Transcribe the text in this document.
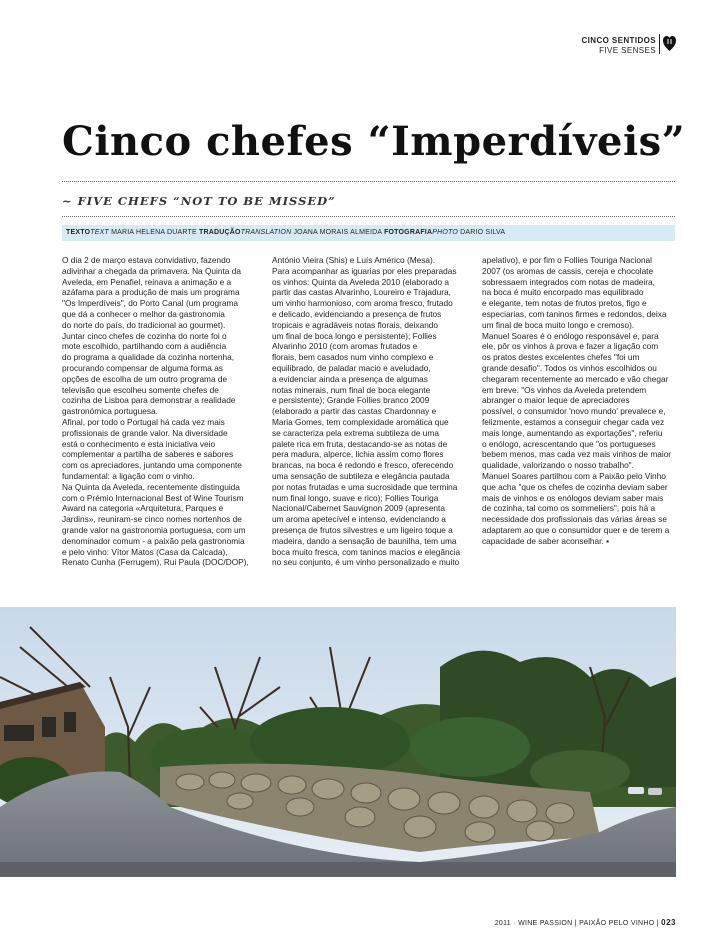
CINCO SENTIDOS
FIVE SENSES
Cinco chefes “Imperdíveis”
~ FIVE CHEFS “NOT TO BE MISSED”
TEXTOTEXT MARIA HELENA DUARTE TRADUÇÃOTRANSLATION JOANA MORAIS ALMEIDA FOTOGRAFIAPHOTO DARIO SILVA

O dia 2 de março estava convidativo, fazendo

adivinhar a chegada da primavera. Na Quinta da

Aveleda, em Penafiel, reinava a animação e a

azáfama para a produção de mais um programa

"Os Imperdíveis", do Porto Canal (um programa

que dá a conhecer o melhor da gastronomia

do norte do país, do tradicional ao gourmet).

Juntar cinco chefes de cozinha do norte foi o

mote escolhido, partilhando com a audiência

do programa a qualidade da cozinha nortenha,

procurando compensar de alguma forma as

opções de escolha de um outro programa de

televisão que escolheu somente chefes de

cozinha de Lisboa para demonstrar a realidade

gastronómica portuguesa.

Afinal, por todo o Portugal há cada vez mais

profissionais de grande valor. Na diversidade

está o conhecimento e esta iniciativa veio

complementar a partilha de saberes e sabores

com os apreciadores, juntando uma componente

fundamental: a ligação com o vinho.

Na Quinta da Aveleda, recentemente distinguida

com o Prémio Internacional Best of Wine Tourism

Award na categoria «Arquitetura, Parques e

Jardins», reuniram-se cinco nomes nortenhos de

grande valor na gastronomia portuguesa, com um

denominador comum - a paixão pela gastronomia

e pelo vinho: Vítor Matos (Casa da Calcada),

Renato Cunha (Ferrugem), Rui Paula (DOC/DOP),

António Vieira (Shis) e Luís Américo (Mesa).

Para acompanhar as iguarias por eles preparadas

os vinhos: Quinta da Aveleda 2010 (elaborado a

partir das castas Alvarinho, Loureiro e Trajadura,

um vinho harmonioso, com aroma fresco, frutado

e delicado, evidenciando a presença de frutos

tropicais e agradáveis notas florais, deixando

um final de boca longo e persistente); Follies

Alvarinho 2010 (com aromas frutados e

florais, bem casados num vinho complexo e

equilibrado, de paladar macio e aveludado,

a evidenciar ainda a presença de algumas

notas minerais, num final de boca elegante

e persistente); Grande Follies branco 2009

(elaborado a partir das castas Chardonnay e

Maria Gomes, tem complexidade aromática que

se caracteriza pela extrema subtileza de uma

palete rica em fruta, destacando-se as notas de

pera madura, alperce, lichia assim como flores

brancas, na boca é redondo e fresco, oferecendo

uma sensação de subtileza e elegância pautada

por notas frutadas e uma sucrosidade que termina

num final longo, suave e rico); Follies Touriga

Nacional/Cabernet Sauvignon 2009 (apresenta

um aroma apetecível e intenso, evidenciando a

presença de frutos silvestres e um ligeiro toque a

madeira, dando a sensação de baunilha, tem uma

boca muito fresca, com taninos macios e elegância

no seu conjunto, é um vinho personalizado e muito

apelativo), e por fim o Follies Touriga Nacional

2007 (os aromas de cassis, cereja e chocolate

sobressaem integrados com notas de madeira,

na boca é muito encorpado mas equilibrado

e elegante, tem notas de frutos pretos, figo e

especiarias, com taninos firmes e redondos, deixa

um final de boca muito longo e cremoso).

Manuel Soares é o enólogo responsável e, para

ele, pôr os vinhos à prova e fazer a ligação com

os pratos destes excelentes chefes "foi um

grande desafio". Todos os vinhos escolhidos ou

chegaram recentemente ao mercado e vão chegar

em breve. "Os vinhos da Aveleda pretendem

abranger o maior leque de apreciadores

possível, o consumidor 'novo mundo' prevalece e,

felizmente, estamos a conseguir chegar cada vez

mais longe, aumentando as exportações", referiu

o enólogo, acrescentando que "os portugueses

bebem menos, mas cada vez mais vinhos de maior

qualidade, valorizando o nosso trabalho".

Manuel Soares partilhou com a Paixão pelo Vinho

que acha "que os chefes de cozinha deviam saber

mais de vinhos e os enólogos deviam saber mais

de cozinha, tal como os sommeliers", pois há a

necessidade dos profissionais das várias áreas se

adaptarem ao que o consumidor quer e de terem a

capacidade de saber aconselhar. ▪

2011 · WINE PASSION | PAIXÃO PELO VINHO | 023
